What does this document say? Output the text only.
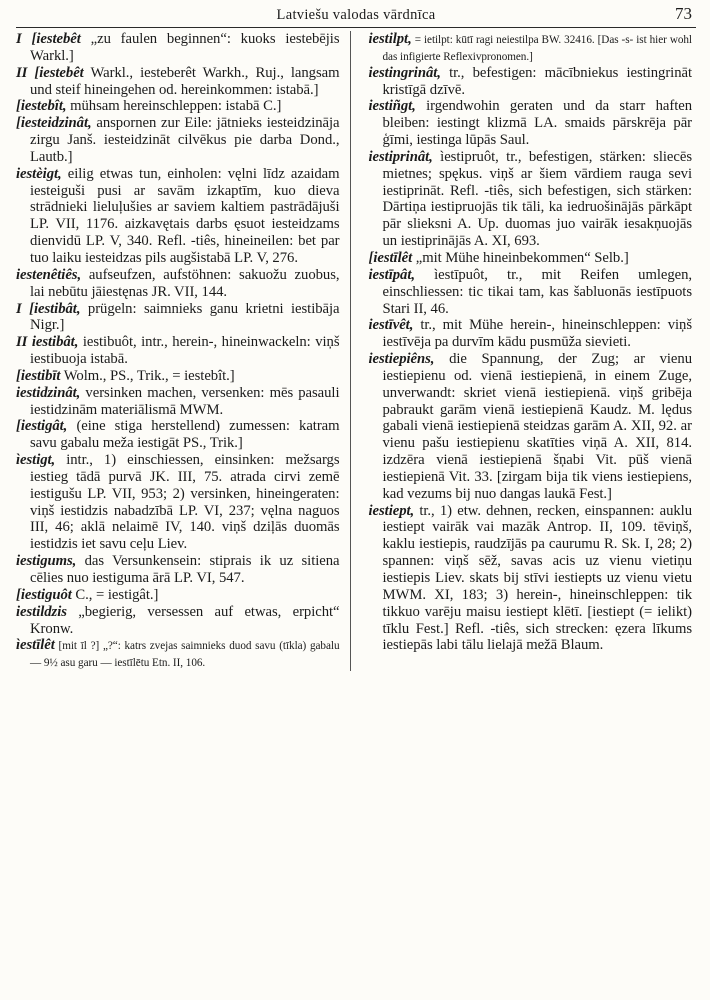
Latviešu valodas vārdnīca	73

I [iestebêt „zu faulen beginnen“: kuoks iestebējis Warkl.]

II [iestebêt Warkl., iesteberêt Warkh., Ruj., langsam und steif hineingehen od. hereinkommen: istabā.]

[iestebît, mühsam hereinschleppen: istabā C.]

[iesteidzinât, anspornen zur Eile: jātnieks iesteidzināja zirgu Janš. iesteidzināt cilvēkus pie darba Dond., Lautb.]

iestèigt, eilig etwas tun, einholen: vęlni līdz azaidam iesteiguši pusi ar savām izkaptīm, kuo dieva strādnieki lieluļušies ar saviem kaltiem pastrādājuši LP. VII, 1176. aizkavętais darbs ęsuot iesteidzams dienvidū LP. V, 340. Refl. -tiês, hineineilen: bet par tuo laiku iesteidzas pils augšistabā LP. V, 276.

iestenêtiês, aufseufzen, aufstöhnen: sakuožu zuobus, lai nebūtu jāiestęnas JR. VII, 144.

I [iestibât, prügeln: saimnieks ganu krietni iestibāja Nigr.]

II iestibât, iestibuôt, intr., herein-, hineinwackeln: viņš iestibuoja istabā.

[iestibīt Wolm., PS., Trik., = iestebît.]

iestidzinât, versinken machen, versenken: mēs pasauli iestidzinām materiālismā MWM.

[iestigât, (eine stiga herstellend) zumessen: katram savu gabalu meža iestigāt PS., Trik.]

ìestigt, intr., 1) einschiessen, einsinken: mežsargs iestieg tādā purvā JK. III, 75. atrada cirvi zemē iestigušu LP. VII, 953; 2) versinken, hineingeraten: viņš iestidzis nabadzībā LP. VI, 237; vęlna naguos III, 46; aklā nelaimē IV, 140. viņš dziļās duomās iestidzis iet savu ceļu Liev.

iestigums, das Versunkensein: stiprais ik uz sitiena cēlies nuo iestiguma ārā LP. VI, 547.

[iestiguôt C., = iestigât.]

iestildzis „begierig, versessen auf etwas, erpicht“ Kronw.

ìestīlêt [mit īl ?] „?“: katrs zvejas saimnieks duod savu (tīkla) gabalu — 9½ asu garu — iestīlētu Etn. II, 106.

iestilpt, = ietilpt: kūtī ragi neiestilpa BW. 32416. [Das -s- ist hier wohl das infigierte Reflexivpronomen.]

iestingrinât, tr., befestigen: mācībniekus iestingrināt kristīgā dzīvē.

iestiñgt, irgendwohin geraten und da starr haften bleiben: iestingt klizmā LA. smaids pārskrēja pār ģīmi, iestinga lūpās Saul.

iestiprinât, ìestipruôt, tr., befestigen, stärken: sliecēs mietnes; spękus. viņš ar šiem vārdiem rauga sevi iestiprināt. Refl. -tiês, sich befestigen, sich stärken: Dārtiņa iestipruojās tik tāli, ka iedruošinājās pārkāpt pār slieksni A. Up. duomas juo vairāk iesakņuojās un iestiprinājās A. XI, 693.

[iestīlêt „mit Mühe hineinbekommen“ Selb.]

iestīpât, ìestīpuôt, tr., mit Reifen umlegen, einschliessen: tic tikai tam, kas šabluonās iestīpuots Stari II, 46.

iestīvêt, tr., mit Mühe herein-, hineinschleppen: viņš iestīvēja pa durvīm kādu pusmūža sievieti.

iestiepiêns, die Spannung, der Zug; ar vienu iestiepienu od. vienā iestiepienā, in einem Zuge, unverwandt: skriet vienā iestiepienā. viņš gribēja pabraukt garām vienā iestiepienā Kaudz. M. lędus gabali vienā iestiepienā steidzas garām A. XII, 92. ar vienu pašu iestiepienu skatīties viņā A. XII, 814. izdzēra vienā iestiepienā šņabi Vit. pūš vienā iestiepienā Vit. 33. [zirgam bija tik viens iestiepiens, kad vezums bij nuo dangas laukā Fest.]

iestiept, tr., 1) etw. dehnen, recken, einspannen: auklu iestiept vairāk vai mazāk Antrop. II, 109. tēviņš, kaklu iestiepis, raudzījās pa caurumu R. Sk. I, 28; 2) spannen: viņš sēž, savas acis uz vienu vietiņu iestiepis Liev. skats bij stīvi iestiepts uz vienu vietu MWM. XI, 183; 3) herein-, hineinschleppen: tik tikkuo varēju maisu iestiept klētī. [iestiept (= ielikt) tīklu Fest.] Refl. -tiês, sich strecken: ęzera līkums iestiepās labi tālu lielajā mežā Blaum.
